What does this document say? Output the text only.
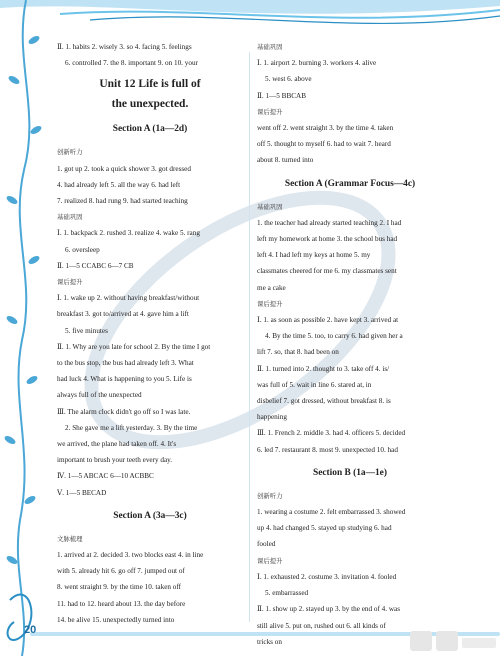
Ⅱ. 1. habits 2. wisely 3. so 4. facing 5. feelings
6. controlled 7. the 8. important 9. on 10. your
Unit 12 Life is full of
the unexpected.
Section A (1a—2d)
创新听力
1. got up 2. took a quick shower 3. got dressed
4. had already left 5. all the way 6. had left
7. realized 8. had rung 9. had started teaching
基础巩固
Ⅰ. 1. backpack 2. rushed 3. realize 4. wake 5. rang
6. oversleep
Ⅱ. 1—5 CCABC 6—7 CB
课后提升
Ⅰ. 1. wake up 2. without having breakfast/without
breakfast 3. got to/arrived at 4. gave him a lift
5. five minutes
Ⅱ. 1. Why are you late for school 2. By the time I got
to the bus stop, the bus had already left 3. What
had luck 4. What is happening to you 5. Life is
always full of the unexpected
Ⅲ. The alarm clock didn't go off so I was late.
2. She gave me a lift yesterday. 3. By the time
we arrived, the plane had taken off. 4. It's
important to brush your teeth every day.
Ⅳ. 1—5 ABCAC 6—10 ACBBC
Ⅴ. 1—5 BECAD
Section A (3a—3c)
文脉梳理
1. arrived at 2. decided 3. two blocks east 4. in line
with 5. already hit 6. go off 7. jumped out of
8. went straight 9. by the time 10. taken off
11. had to 12. heard about 13. the day before
14. be alive 15. unexpectedly turned into
基础巩固
Ⅰ. 1. airport 2. burning 3. workers 4. alive
5. west 6. above
Ⅱ. 1—5 BBCAB
课后提升
went off 2. went straight 3. by the time 4. taken
off 5. thought to myself 6. had to wait 7. heard
about 8. turned into
Section A (Grammar Focus—4c)
基础巩固
1. the teacher had already started teaching 2. I had
left my homework at home 3. the school bus had
left 4. I had left my keys at home 5. my
classmates cheered for me 6. my classmates sent
me a cake
课后提升
Ⅰ. 1. as soon as possible 2. have kept 3. arrived at
4. By the time 5. too, to carry 6. had given her a
lift 7. so, that 8. had been on
Ⅱ. 1. turned into 2. thought to 3. take off 4. is/
was full of 5. wait in line 6. stared at, in
disbelief 7. got dressed, without breakfast 8. is
happening
Ⅲ. 1. French 2. middle 3. had 4. officers 5. decided
6. led 7. restaurant 8. most 9. unexpected 10. had
Section B (1a—1e)
创新听力
1. wearing a costume 2. felt embarrassed 3. showed
up 4. had changed 5. stayed up studying 6. had
fooled
课后提升
Ⅰ. 1. exhausted 2. costume 3. invitation 4. fooled
5. embarrassed
Ⅱ. 1. show up 2. stayed up 3. by the end of 4. was
still alive 5. put on, rushed out 6. all kinds of
tricks on
20
